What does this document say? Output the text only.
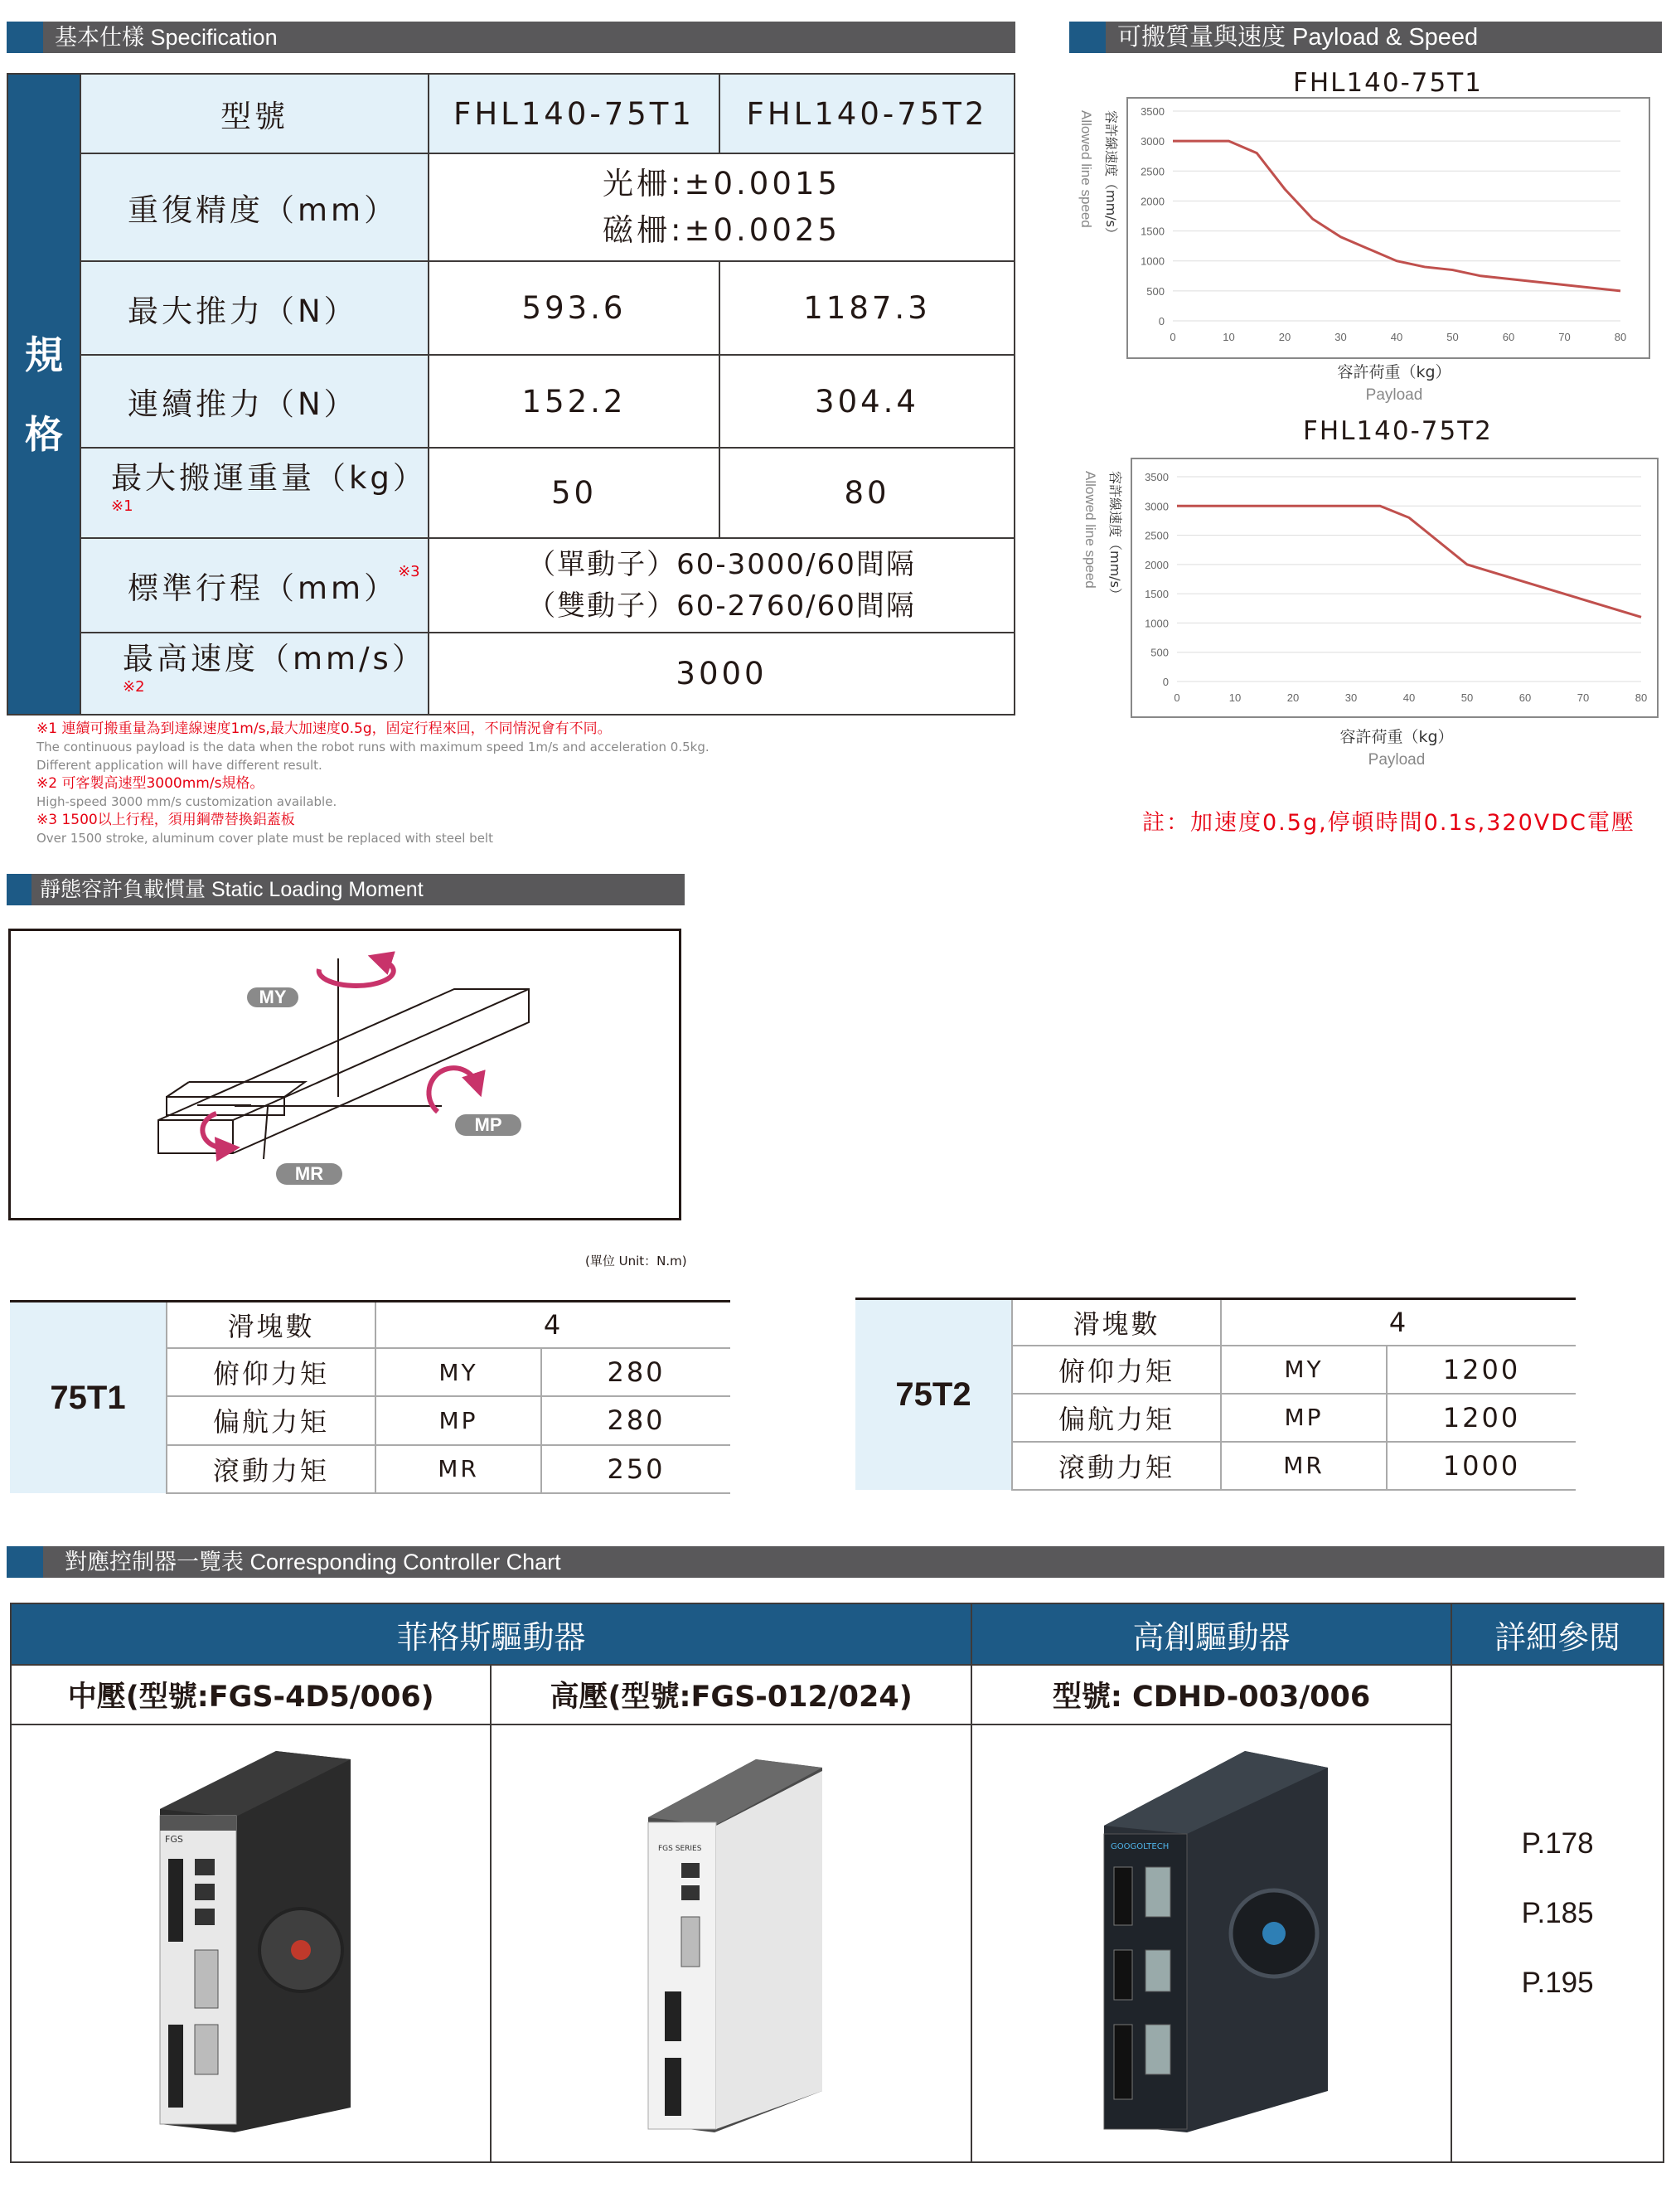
基本仕樣 Specification	可搬質量與速度 Payload & Speed
靜態容許負載慣量 Static Loading Moment
對應控制器一覽表 Corresponding Controller Chart
規
格	型號	FHL140-75T1	FHL140-75T2
	重復精度（mm）	光柵:±0.0015
磁柵:±0.0025	
	最大推力（N）	593.6	1187.3
	連續推力（N）	152.2	304.4
	最大搬運重量（kg）$^{※1}$	50	80
	標準行程（mm）$^{※3}$	（單動子）60-3000/60間隔
（雙動子）60-2760/60間隔	
	最高速度（mm/s）$^{※2}$	3000	
※1 連續可搬重量為到達線速度1m/s,最大加速度0.5g，固定行程來回，不同情況會有不同。
The continuous payload is the data when the robot runs with maximum speed 1m/s and acceleration 0.5kg.
Different application will have different result.
※2 可客製高速型3000mm/s規格。
High-speed 3000 mm/s customization available.
※3 1500以上行程，須用鋼帶替換鋁蓋板
Over 1500 stroke, aluminum cover plate must be replaced with steel belt
FHL140-75T1
0
500
1000
1500
2000
2500
3000
3500
0	10	20	30	40	50	60	70	80
容許線速度（mm/s）
Allowed line speed
容許荷重（kg）
Payload
FHL140-75T2
0
500
1000
1500
2000
2500
3000
3500
0	10	20	30	40	50	60	70	80
容許線速度（mm/s）
Allowed line speed
容許荷重（kg）
Payload
註：加速度0.5g,停頓時間0.1s,320VDC電壓
MY
MP
MR
(單位 Unit：N.m)
75T1	滑塊數	4	
	俯仰力矩	MY	280
	偏航力矩	MP	280
	滾動力矩	MR	250
75T2	滑塊數	4	
	俯仰力矩	MY	1200
	偏航力矩	MP	1200
	滾動力矩	MR	1000
菲格斯驅動器		高創驅動器	詳細參閱
中壓(型號:FGS-4D5/006)	高壓(型號:FGS-012/024)	型號: CDHD-003/006	P.178
P.185
P.195

FGS	FGS SERIES	GOOGOLTECH	
